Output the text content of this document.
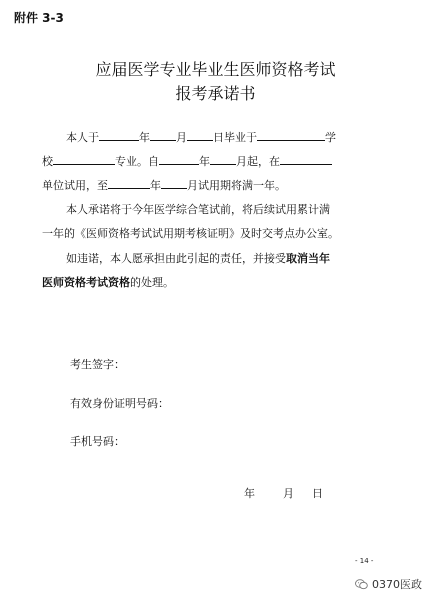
附件 3-3
应届医学专业毕业生医师资格考试
报考承诺书
本人于	年 月 日毕业于	学
校	专业。自	年 月起，在
单位试用，至	年 月试用期将满一年。
本人承诺将于今年医学综合笔试前，将后续试用累计满
一年的《医师资格考试试用期考核证明》及时交考点办公室。
如违诺，本人愿承担由此引起的责任，并接受取消当年
医师资格考试资格的处理。
考生签字：
有效身份证明号码：
手机号码：
年	月 日
- 14 -
0370医政
